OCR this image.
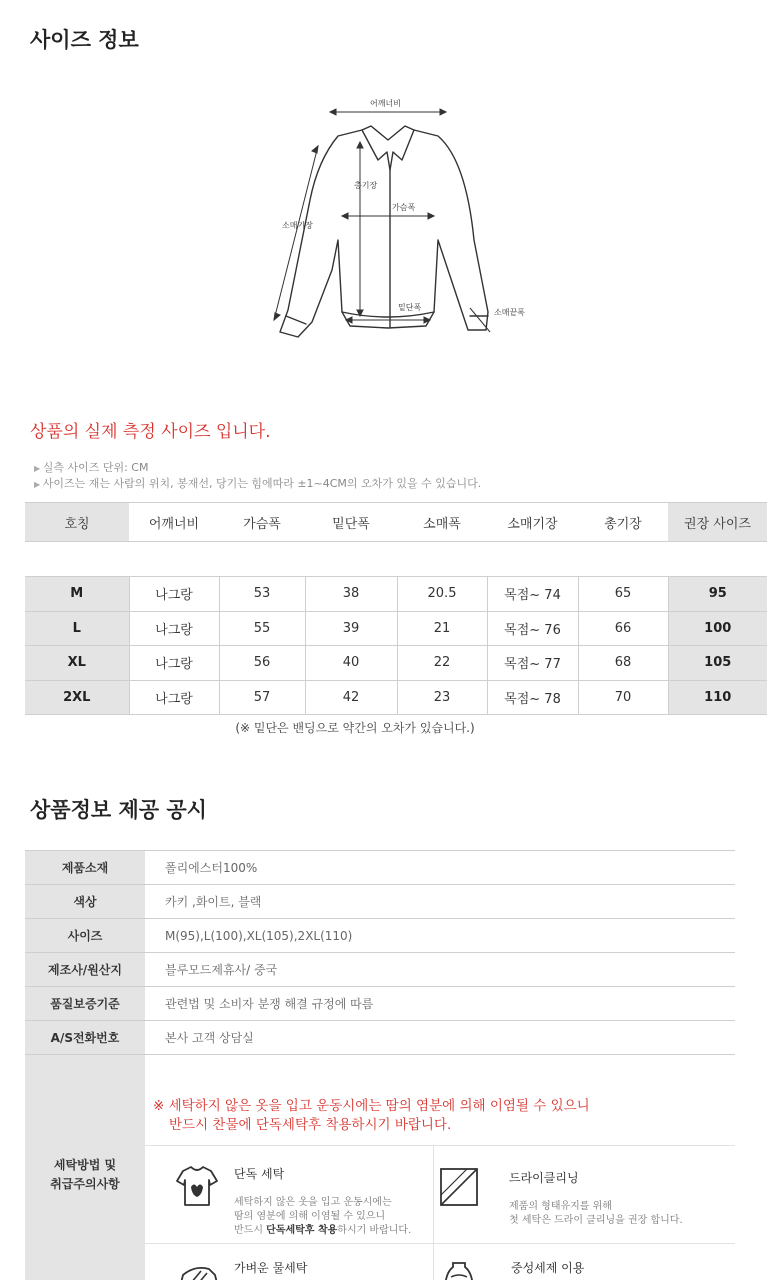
사이즈 정보
어깨너비
총기장
가슴폭
소매기장
밑단폭
소매끝폭
상품의 실제 측정 사이즈 입니다.
▶ 실측 사이즈 단위: CM
▶ 사이즈는 재는 사람의 위치, 봉재선, 당기는 힘에따라 ±1~4CM의 오차가 있을 수 있습니다.
호칭	어깨너비	가슴폭	밑단폭	소매폭	소매기장	총기장	권장 사이즈
M	나그랑	53	38	20.5	목점~ 74	65	95
L	나그랑	55	39	21	목점~ 76	66	100
XL	나그랑	56	40	22	목점~ 77	68	105
2XL	나그랑	57	42	23	목점~ 78	70	110
(※ 밑단은 밴딩으로 약간의 오차가 있습니다.)
상품정보 제공 공시
제품소재	폴리에스터100%
색상	카키 ,화이트, 블랙
사이즈	M(95),L(100),XL(105),2XL(110)
제조사/원산지	블루모드제휴사/ 중국
품질보증기준	관련법 및 소비자 분쟁 해결 규정에 따름
A/S전화번호	본사 고객 상담실
세탁방법 및
취급주의사항
※ 세탁하지 않은 옷을 입고 운동시에는 땀의 염분에 의해 이염될 수 있으니
반드시 찬물에 단독세탁후 착용하시기 바랍니다.
단독 세탁
세탁하지 않은 옷을 입고 운동시에는
땀의 염분에 의해 이염될 수 있으니
반드시 단독세탁후 착용하시기 바랍니다.
드라이클리닝
제품의 형태유지를 위해
첫 세탁은 드라이 클리닝을 권장 합니다.
가벼운 물세탁	중성세제 이용
